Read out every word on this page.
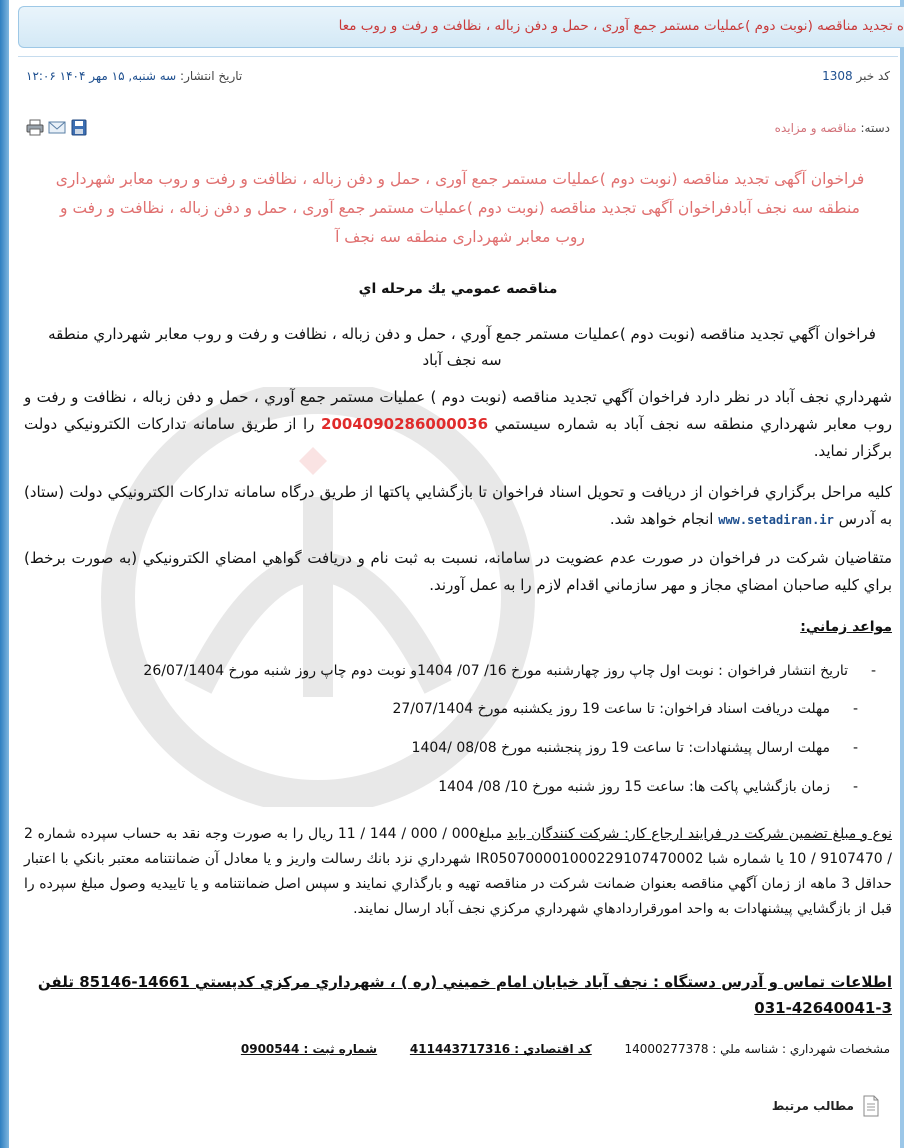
ه تجدید مناقصه (نوبت دوم )عملیات مستمر جمع آوری ، حمل و دفن زباله ، نظافت و رفت و روب معا
کد خبر 1308
تاریخ انتشار: سه شنبه, ۱۵ مهر ۱۴۰۴ ۱۲:۰۶
دسته: مناقصه و مزایده
فراخوان آگهی تجدید مناقصه (نوبت دوم )عملیات مستمر جمع آوری ، حمل و دفن زباله ، نظافت و رفت و روب معابر شهرداری منطقه سه نجف آبادفراخوان آگهی تجدید مناقصه (نوبت دوم )عملیات مستمر جمع آوری ، حمل و دفن زباله ، نظافت و رفت و روب معابر شهرداری منطقه سه نجف آ
مناقصه عمومي يك مرحله اي
فراخوان آگهي تجديد مناقصه (نوبت دوم )عمليات مستمر جمع آوري ، حمل و دفن زباله ، نظافت و رفت و روب معابر شهرداري منطقه سه نجف آباد
شهرداري نجف آباد در نظر دارد فراخوان آگهي تجديد مناقصه (نوبت دوم ) عمليات مستمر جمع آوري ، حمل و دفن زباله ، نظافت و رفت و روب معابر شهرداري منطقه سه نجف آباد به شماره سيستمي 2004090286000036 را از طريق سامانه تداركات الكترونيكي دولت برگزار نمايد.
كليه مراحل برگزاري فراخوان از دريافت و تحويل اسناد فراخوان تا بازگشايي پاكتها از طريق درگاه سامانه تداركات الكترونيكي دولت (ستاد) به آدرس www.setadiran.ir انجام خواهد شد.
متقاضيان شركت در فراخوان در صورت عدم عضويت در سامانه، نسبت به ثبت نام و دريافت گواهي امضاي الكترونيكي (به صورت برخط) براي كليه صاحبان امضاي مجاز و مهر سازماني اقدام لازم را به عمل آورند.
مواعد زماني:
-تاريخ انتشار فراخوان : نوبت اول چاپ روز چهارشنبه مورخ 16/ 07/ 1404و نوبت دوم چاپ روز شنبه مورخ 26/07/1404
-مهلت دريافت اسناد فراخوان: تا ساعت 19 روز يكشنبه مورخ 27/07/1404
-مهلت ارسال پيشنهادات: تا ساعت 19 روز پنجشنبه مورخ 08/08 /1404
-زمان بازگشايي پاكت ها: ساعت 15 روز شنبه مورخ 10/ 08/ 1404
نوع و مبلغ تضمين شركت در فرايند ارجاع كار: شركت كنندگان بايد مبلغ000 / 000 / 144 / 11 ريال را به صورت وجه نقد به حساب سپرده شماره 2 / 9107470 / 10 يا شماره شبا IR050700001000229107470002 شهرداري نزد بانك رسالت واريز و يا معادل آن ضمانتنامه معتبر بانكي با اعتبار حداقل 3 ماهه از زمان آگهي مناقصه بعنوان ضمانت شركت در مناقصه تهيه و بارگذاري نمايند و سپس اصل ضمانتنامه و يا تاييديه وصول مبلغ سپرده را قبل از بازگشايي پيشنهادات به واحد امورقراردادهاي شهرداري مركزي نجف آباد ارسال نمايند.
اطلاعات تماس و آدرس دستگاه : نجف آباد خيابان امام خميني (ره ) ، شهرداري مركزي كدپستي 14661-85146 تلفن 3-42640041-031
مشخصات شهرداري : شناسه ملي : 14000277378 كد اقتصادي : 411443717316 شماره ثبت : 0900544
مطالب مرتبط
